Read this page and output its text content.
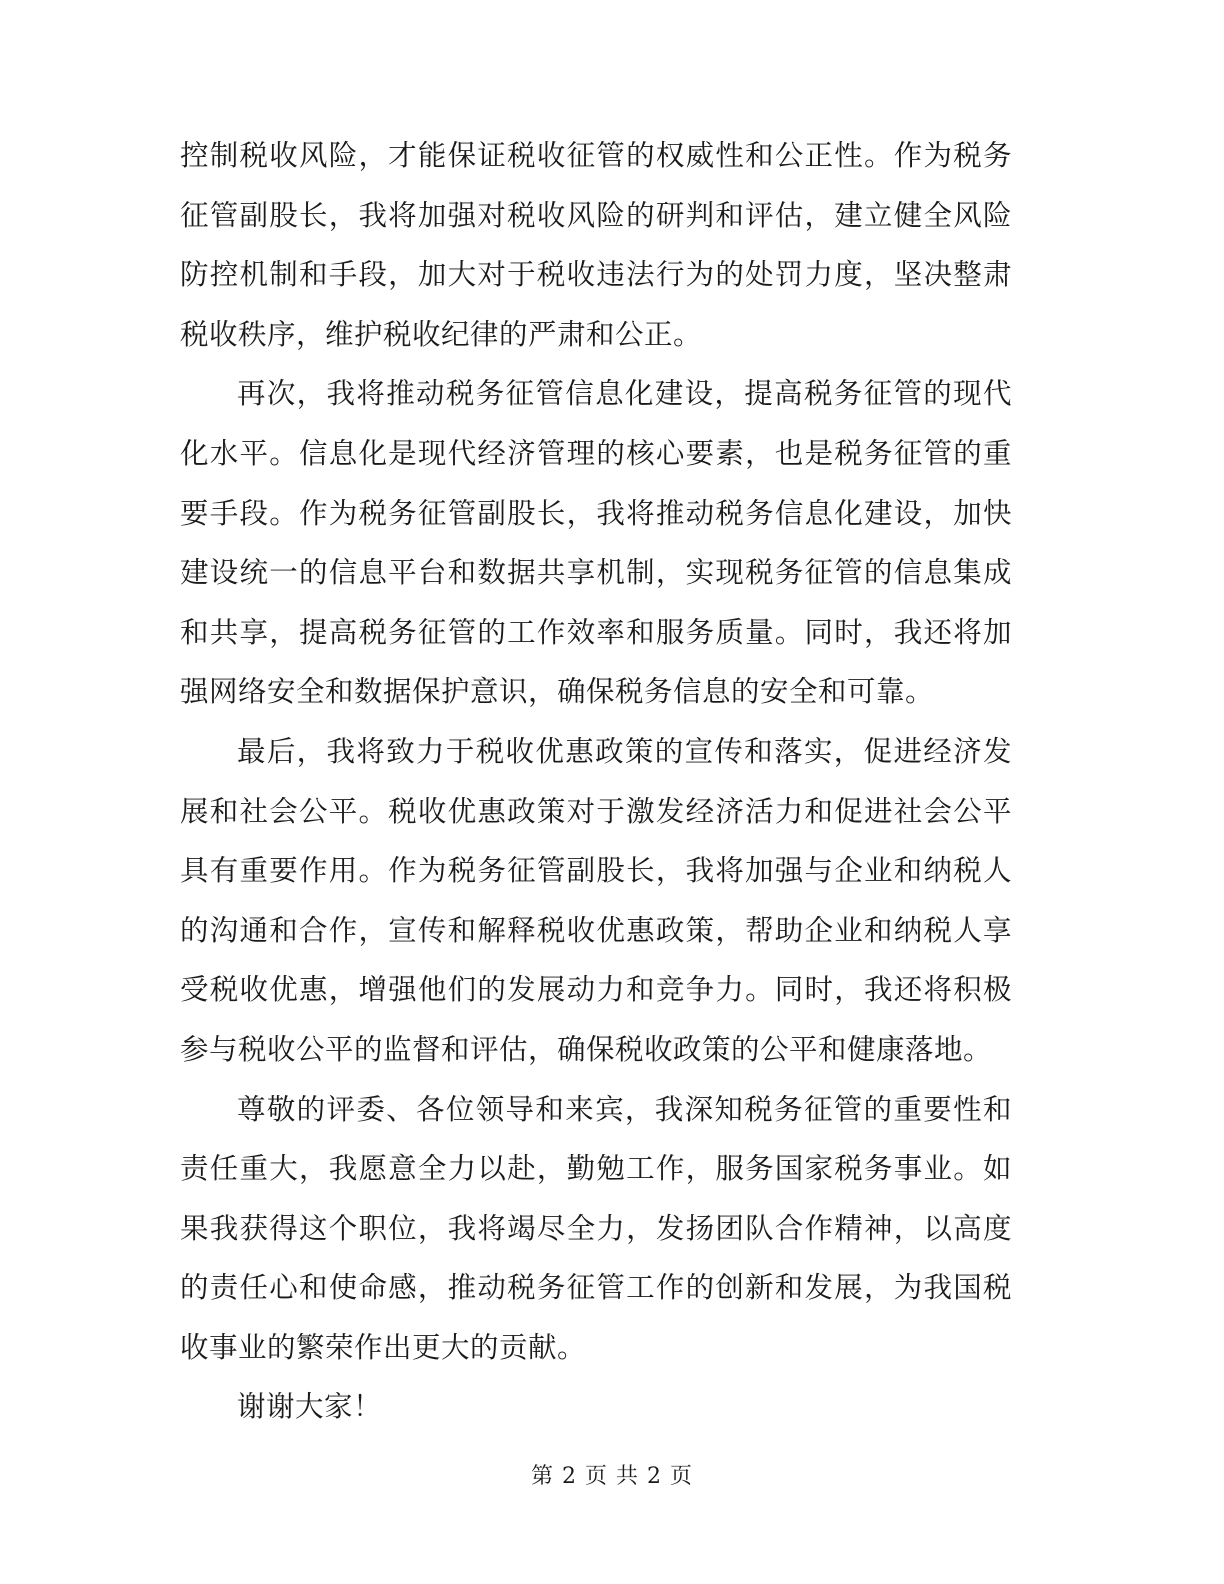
控制税收风险，才能保证税收征管的权威性和公正性。作为税务征管副股长，我将加强对税收风险的研判和评估，建立健全风险防控机制和手段，加大对于税收违法行为的处罚力度，坚决整肃税收秩序，维护税收纪律的严肃和公正。

再次，我将推动税务征管信息化建设，提高税务征管的现代化水平。信息化是现代经济管理的核心要素，也是税务征管的重要手段。作为税务征管副股长，我将推动税务信息化建设，加快建设统一的信息平台和数据共享机制，实现税务征管的信息集成和共享，提高税务征管的工作效率和服务质量。同时，我还将加强网络安全和数据保护意识，确保税务信息的安全和可靠。

最后，我将致力于税收优惠政策的宣传和落实，促进经济发展和社会公平。税收优惠政策对于激发经济活力和促进社会公平具有重要作用。作为税务征管副股长，我将加强与企业和纳税人的沟通和合作，宣传和解释税收优惠政策，帮助企业和纳税人享受税收优惠，增强他们的发展动力和竞争力。同时，我还将积极参与税收公平的监督和评估，确保税收政策的公平和健康落地。

尊敬的评委、各位领导和来宾，我深知税务征管的重要性和责任重大，我愿意全力以赴，勤勉工作，服务国家税务事业。如果我获得这个职位，我将竭尽全力，发扬团队合作精神，以高度的责任心和使命感，推动税务征管工作的创新和发展，为我国税收事业的繁荣作出更大的贡献。

谢谢大家！

第 2 页 共 2 页
